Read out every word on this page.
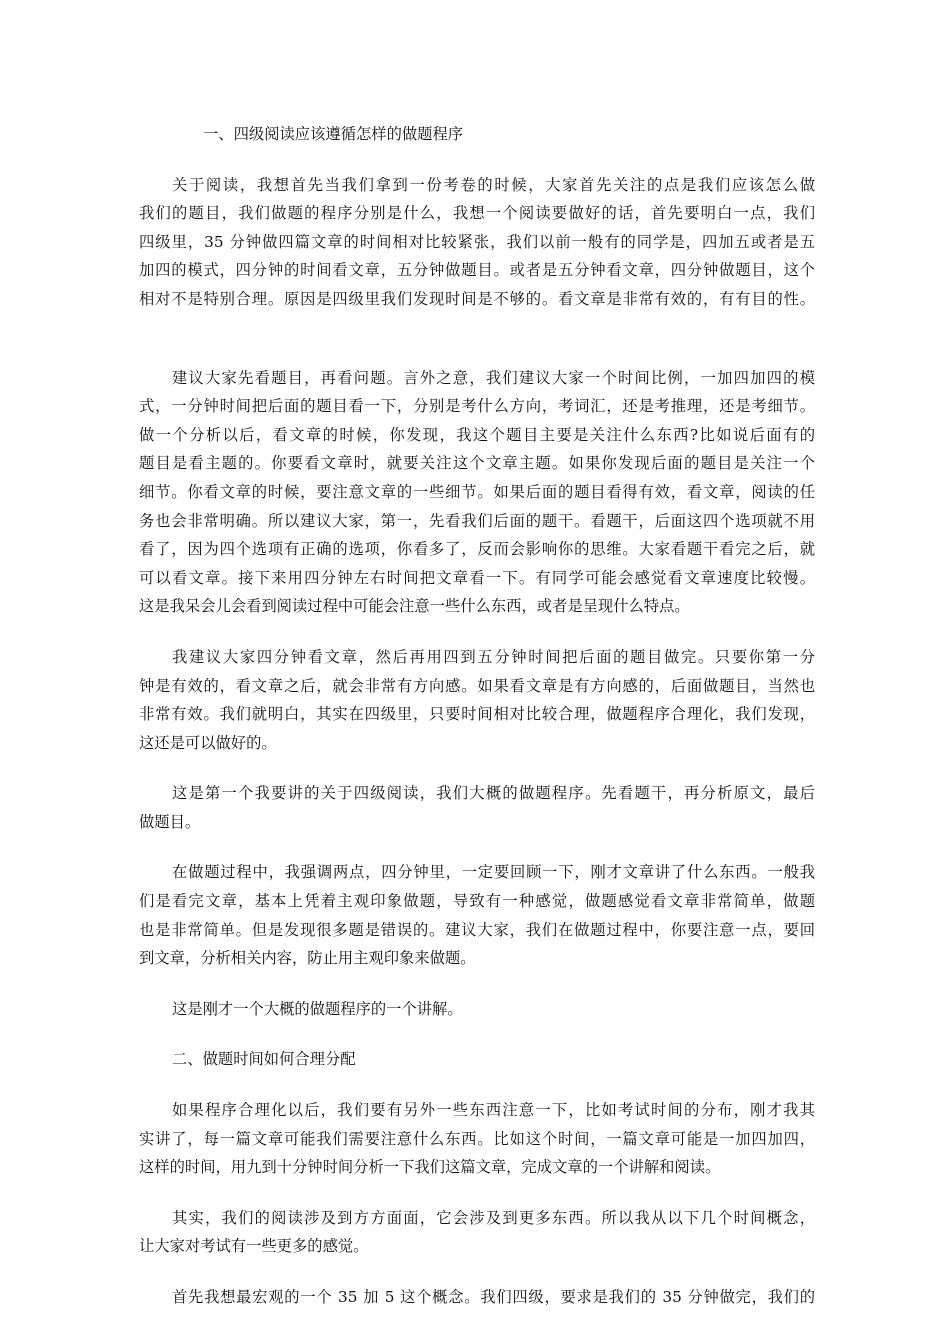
一、四级阅读应该遵循怎样的做题程序
关于阅读，我想首先当我们拿到一份考卷的时候，大家首先关注的点是我们应该怎么做
我们的题目，我们做题的程序分别是什么，我想一个阅读要做好的话，首先要明白一点，我们
四级里，35 分钟做四篇文章的时间相对比较紧张，我们以前一般有的同学是，四加五或者是五
加四的模式，四分钟的时间看文章，五分钟做题目。或者是五分钟看文章，四分钟做题目，这个
相对不是特别合理。原因是四级里我们发现时间是不够的。看文章是非常有效的，有有目的性。
建议大家先看题目，再看问题。言外之意，我们建议大家一个时间比例，一加四加四的模
式，一分钟时间把后面的题目看一下，分别是考什么方向，考词汇，还是考推理，还是考细节。
做一个分析以后，看文章的时候，你发现，我这个题目主要是关注什么东西?比如说后面有的
题目是看主题的。你要看文章时，就要关注这个文章主题。如果你发现后面的题目是关注一个
细节。你看文章的时候，要注意文章的一些细节。如果后面的题目看得有效，看文章，阅读的任
务也会非常明确。所以建议大家，第一，先看我们后面的题干。看题干，后面这四个选项就不用
看了，因为四个选项有正确的选项，你看多了，反而会影响你的思维。大家看题干看完之后，就
可以看文章。接下来用四分钟左右时间把文章看一下。有同学可能会感觉看文章速度比较慢。
这是我呆会儿会看到阅读过程中可能会注意一些什么东西，或者是呈现什么特点。
我建议大家四分钟看文章，然后再用四到五分钟时间把后面的题目做完。只要你第一分
钟是有效的，看文章之后，就会非常有方向感。如果看文章是有方向感的，后面做题目，当然也
非常有效。我们就明白，其实在四级里，只要时间相对比较合理，做题程序合理化，我们发现，
这还是可以做好的。
这是第一个我要讲的关于四级阅读，我们大概的做题程序。先看题干，再分析原文，最后
做题目。
在做题过程中，我强调两点，四分钟里，一定要回顾一下，刚才文章讲了什么东西。一般我
们是看完文章，基本上凭着主观印象做题，导致有一种感觉，做题感觉看文章非常简单，做题
也是非常简单。但是发现很多题是错误的。建议大家，我们在做题过程中，你要注意一点，要回
到文章，分析相关内容，防止用主观印象来做题。
这是刚才一个大概的做题程序的一个讲解。
二、做题时间如何合理分配
如果程序合理化以后，我们要有另外一些东西注意一下，比如考试时间的分布，刚才我其
实讲了，每一篇文章可能我们需要注意什么东西。比如这个时间，一篇文章可能是一加四加四，
这样的时间，用九到十分钟时间分析一下我们这篇文章，完成文章的一个讲解和阅读。
其实，我们的阅读涉及到方方面面，它会涉及到更多东西。所以我从以下几个时间概念，
让大家对考试有一些更多的感觉。
首先我想最宏观的一个 35 加 5 这个概念。我们四级，要求是我们的 35 分钟做完，我们的
